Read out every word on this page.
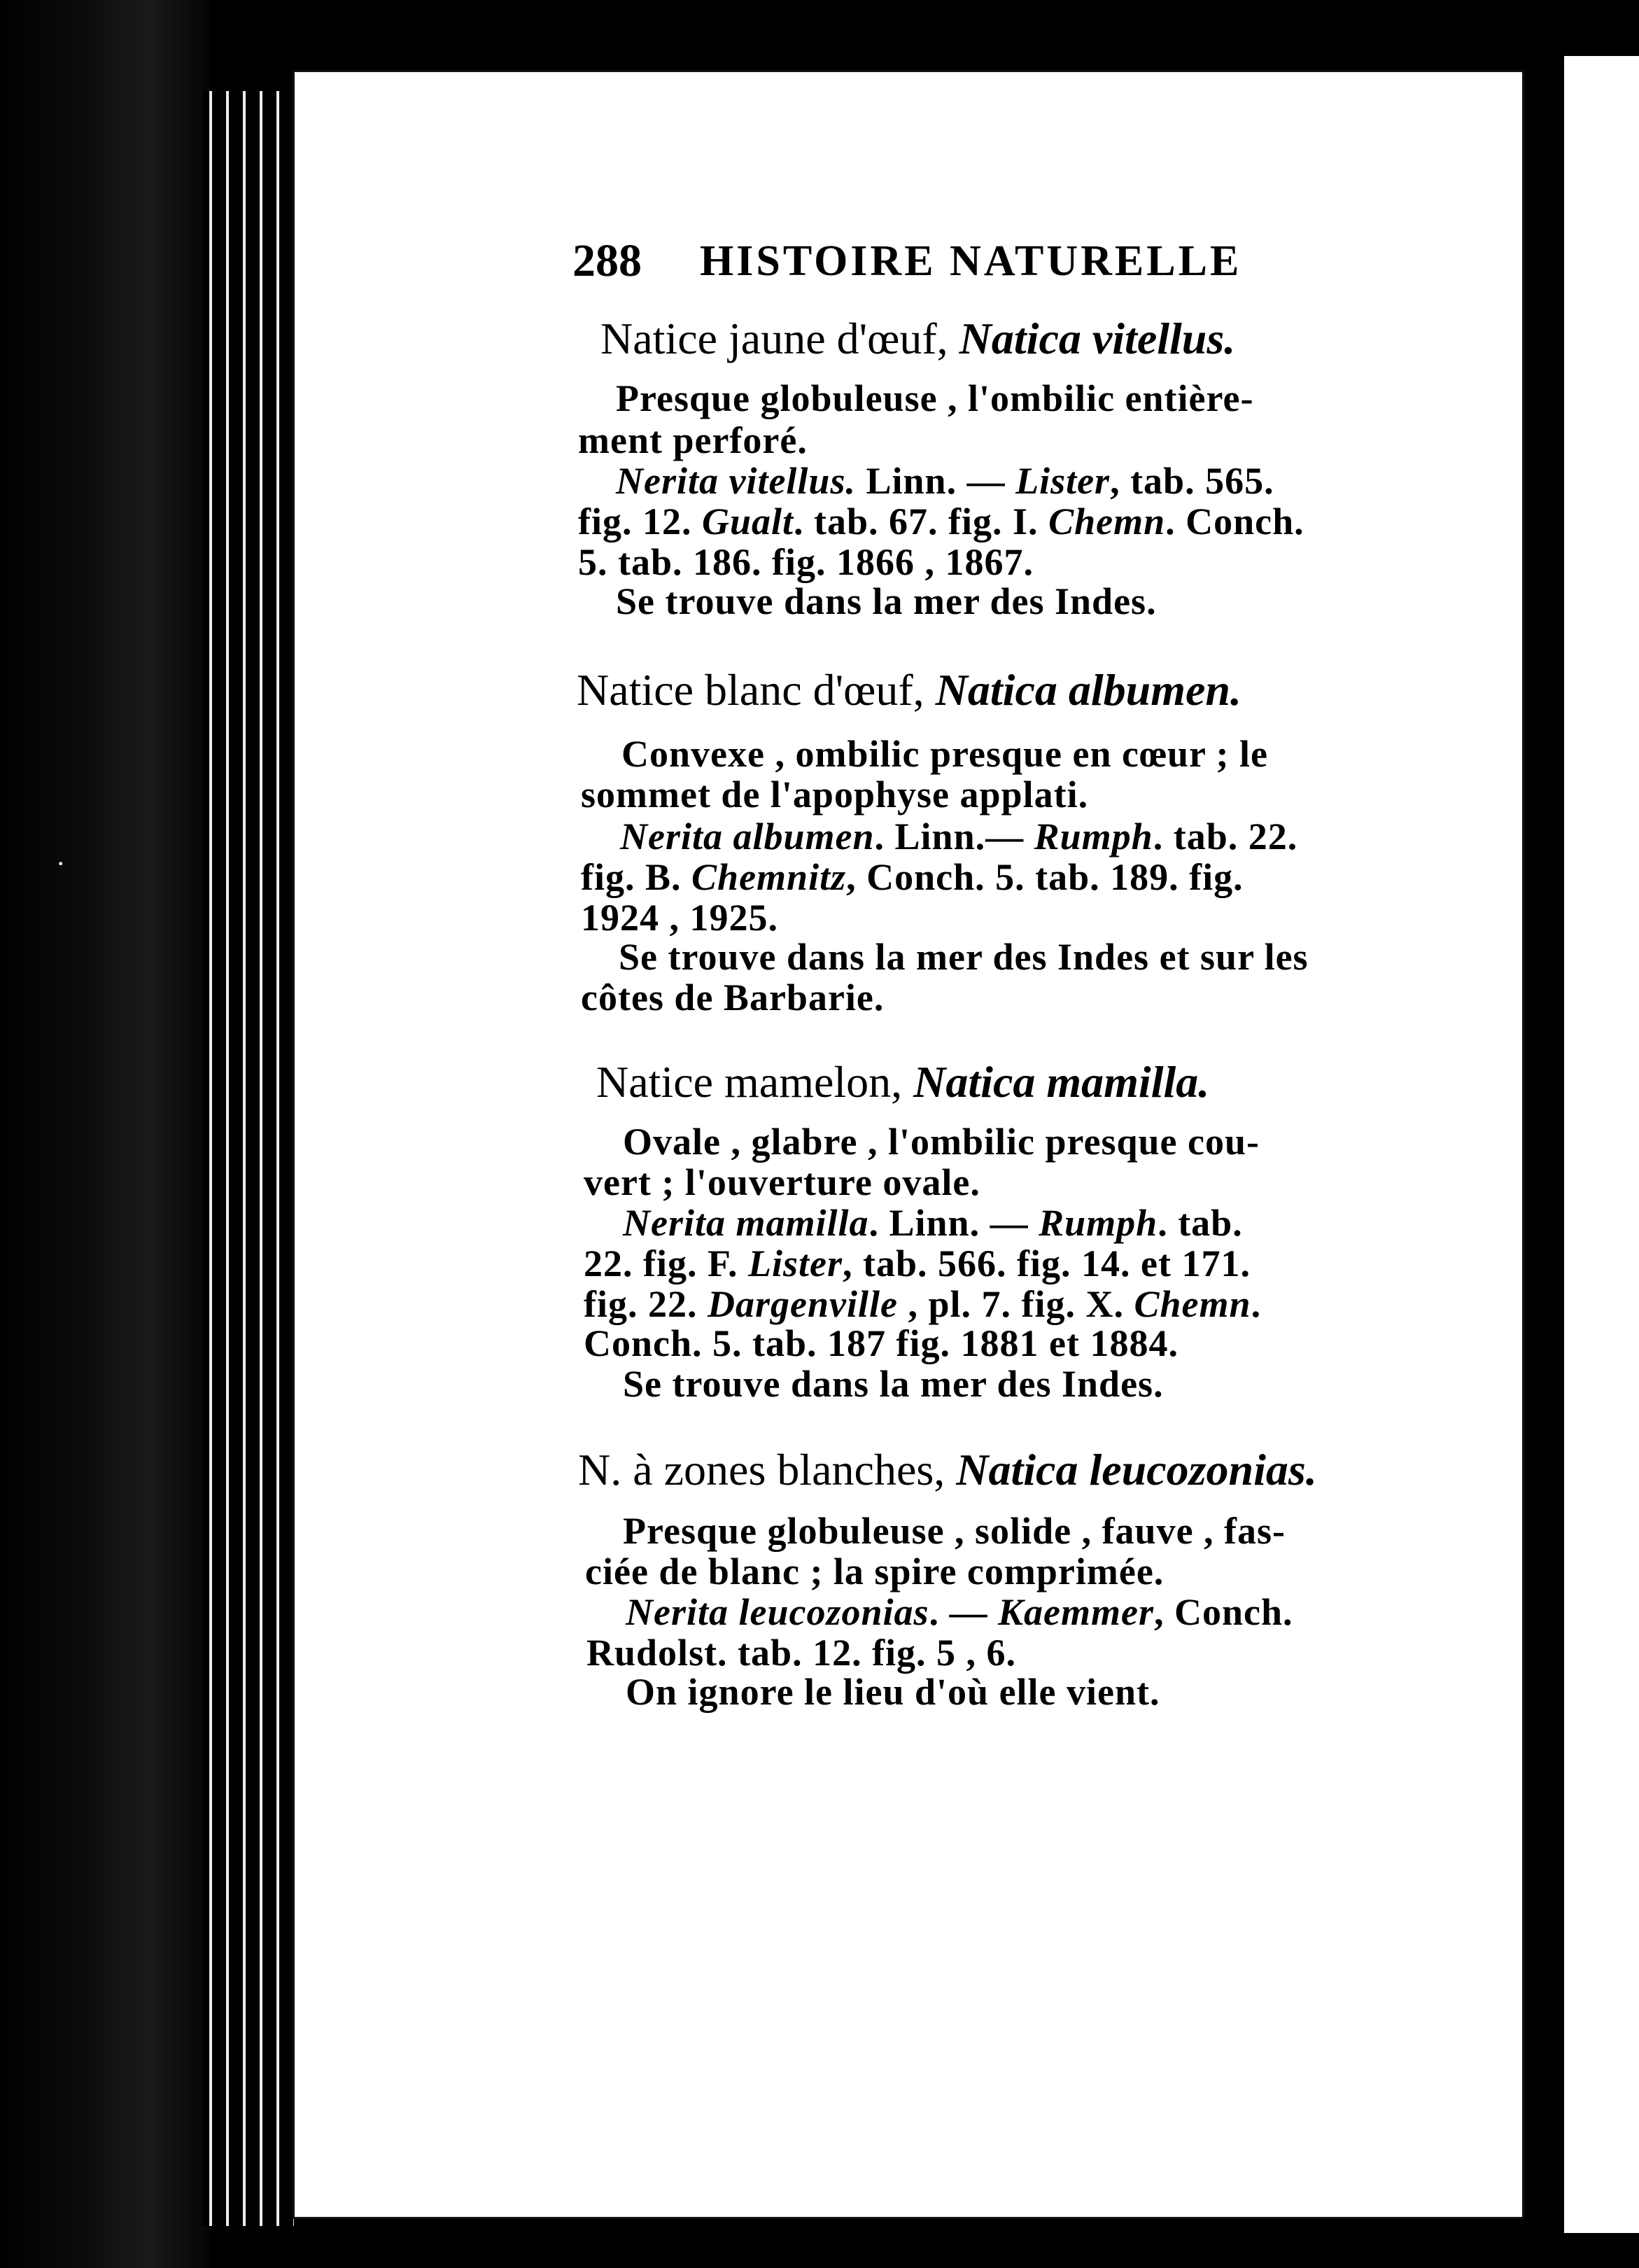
·
288 HISTOIRE NATURELLE
Natice jaune d'œuf, Natica vitellus.
Presque globuleuse , l'ombilic entière-
ment perforé.
Nerita vitellus. Linn. — Lister, tab. 565.
fig. 12. Gualt. tab. 67. fig. I. Chemn. Conch.
5. tab. 186. fig. 1866 , 1867.
Se trouve dans la mer des Indes.
Natice blanc d'œuf, Natica albumen.
Convexe , ombilic presque en cœur ; le
sommet de l'apophyse applati.
Nerita albumen. Linn.— Rumph. tab. 22.
fig. B. Chemnitz, Conch. 5. tab. 189. fig.
1924 , 1925.
Se trouve dans la mer des Indes et sur les
côtes de Barbarie.
Natice mamelon, Natica mamilla.
Ovale , glabre , l'ombilic presque cou-
vert ; l'ouverture ovale.
Nerita mamilla. Linn. — Rumph. tab.
22. fig. F. Lister, tab. 566. fig. 14. et 171.
fig. 22. Dargenville , pl. 7. fig. X. Chemn.
Conch. 5. tab. 187 fig. 1881 et 1884.
Se trouve dans la mer des Indes.
N. à zones blanches, Natica leucozonias.
Presque globuleuse , solide , fauve , fas-
ciée de blanc ; la spire comprimée.
Nerita leucozonias. — Kaemmer, Conch.
Rudolst. tab. 12. fig. 5 , 6.
On ignore le lieu d'où elle vient.
